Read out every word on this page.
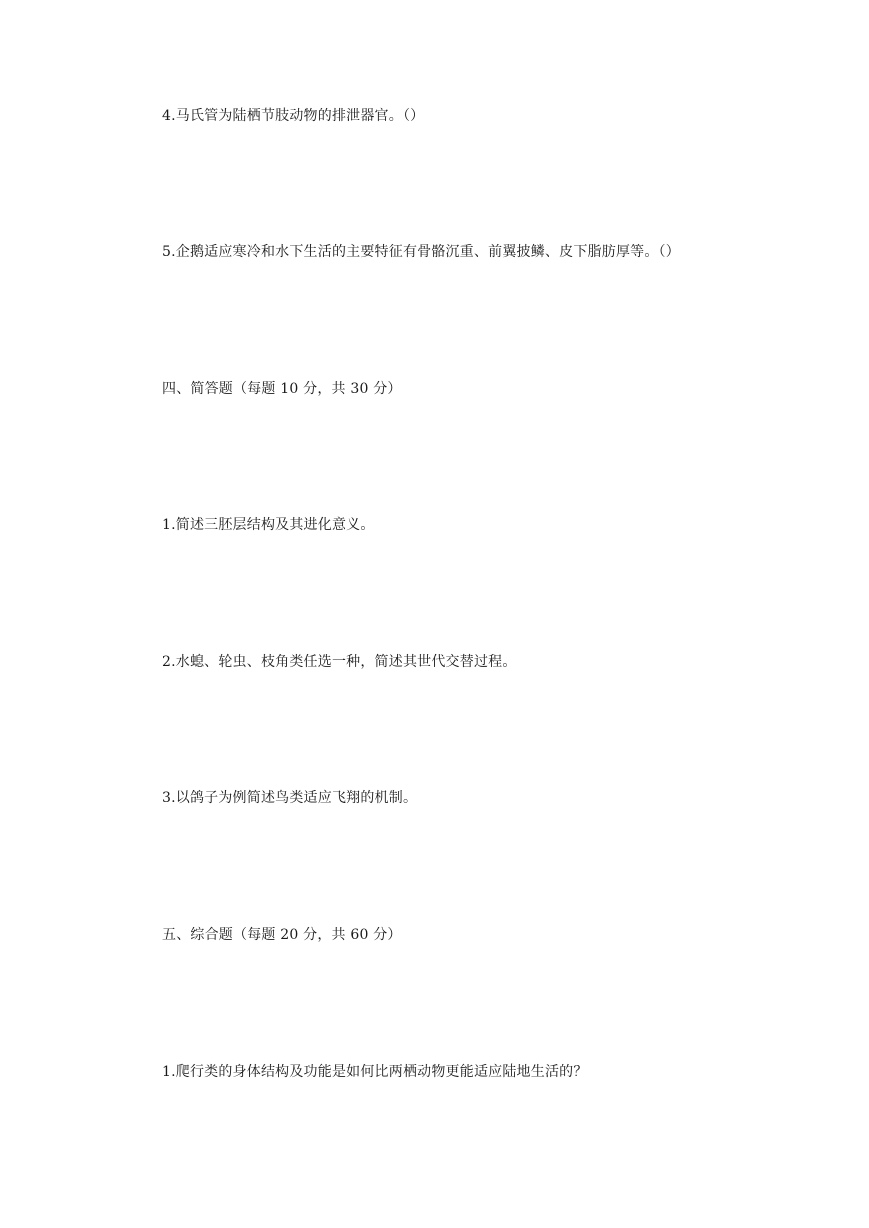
4.马氏管为陆栖节肢动物的排泄器官。（）
5.企鹅适应寒冷和水下生活的主要特征有骨骼沉重、前翼披鳞、皮下脂肪厚等。（）
四、简答题（每题 10 分，共 30 分）
1.简述三胚层结构及其进化意义。
2.水螅、轮虫、枝角类任选一种，简述其世代交替过程。
3.以鸽子为例简述鸟类适应飞翔的机制。
五、综合题（每题 20 分，共 60 分）
1.爬行类的身体结构及功能是如何比两栖动物更能适应陆地生活的？
